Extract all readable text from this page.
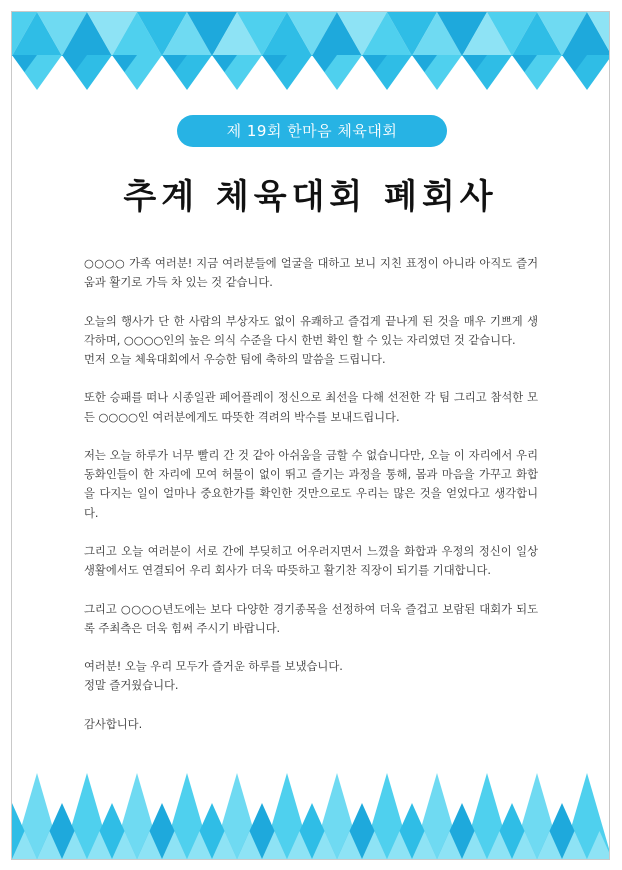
제 19회 한마음 체육대회
추계 체육대회 폐회사

○○○○ 가족 여러분! 지금 여러분들에 얼굴을 대하고 보니 지친 표정이 아니라 아직도 즐거움과 활기로 가득 차 있는 것 같습니다.

오늘의 행사가 단 한 사람의 부상자도 없이 유쾌하고 즐겁게 끝나게 된 것을 매우 기쁘게 생각하며, ○○○○인의 높은 의식 수준을 다시 한번 확인 할 수 있는 자리였던 것 같습니다.
먼저 오늘 체육대회에서 우승한 팀에 축하의 말씀을 드립니다.

또한 승패를 떠나 시종일관 페어플레이 정신으로 최선을 다해 선전한 각 팀 그리고 참석한 모든 ○○○○인 여러분에게도 따뜻한 격려의 박수를 보내드립니다.

저는 오늘 하루가 너무 빨리 간 것 같아 아쉬움을 금할 수 없습니다만, 오늘 이 자리에서 우리 동화인들이 한 자리에 모여 허물이 없이 뛰고 즐기는 과정을 통해, 몸과 마음을 가꾸고 화합을 다지는 일이 얼마나 중요한가를 확인한 것만으로도 우리는 많은 것을 얻었다고 생각합니다.

그리고 오늘 여러분이 서로 간에 부딪히고 어우러지면서 느꼈을 화합과 우정의 정신이 일상생활에서도 연결되어 우리 회사가 더욱 따뜻하고 활기찬 직장이 되기를 기대합니다.

그리고 ○○○○년도에는 보다 다양한 경기종목을 선정하여 더욱 즐겁고 보람된 대회가 되도록 주최측은 더욱 힘써 주시기 바랍니다.

여러분! 오늘 우리 모두가 즐거운 하루를 보냈습니다.
정말 즐거웠습니다.

감사합니다.
